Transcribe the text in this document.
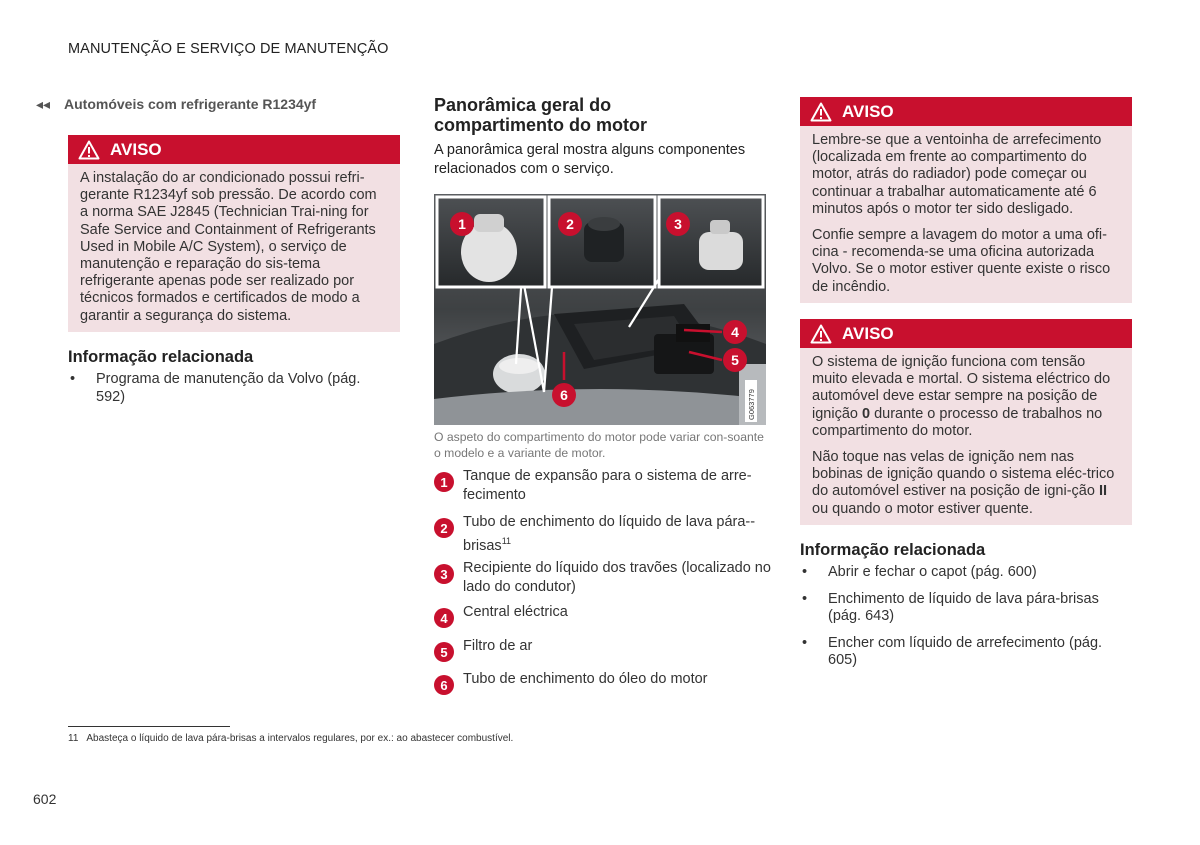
MANUTENÇÃO E SERVIÇO DE MANUTENÇÃO
◂◂ Automóveis com refrigerante R1234yf
AVISO

A instalação do ar condicionado possui refri-gerante R1234yf sob pressão. De acordo com a norma SAE J2845 (Technician Trai-ning for Safe Service and Containment of Refrigerants Used in Mobile A/C System), o serviço de manutenção e reparação do sis-tema refrigerante apenas pode ser realizado por técnicos formados e certificados de modo a garantir a segurança do sistema.

Informação relacionada
• Programa de manutenção da Volvo (pág. 592)
Panorâmica geral do compartimento do motor
A panorâmica geral mostra alguns componentes relacionados com o serviço.
1	2	3
4
5
6	G063779
O aspeto do compartimento do motor pode variar con-soante o modelo e a variante de motor.
1	Tanque de expansão para o sistema de arre-fecimento
2	Tubo de enchimento do líquido de lava pára--brisas$^{11}$
3	Recipiente do líquido dos travões (localizado no lado do condutor)
4	Central eléctrica
5	Filtro de ar
6	Tubo de enchimento do óleo do motor
AVISO

Lembre-se que a ventoinha de arrefecimento (localizada em frente ao compartimento do motor, atrás do radiador) pode começar ou continuar a trabalhar automaticamente até 6 minutos após o motor ter sido desligado.

Confie sempre a lavagem do motor a uma ofi-cina - recomenda-se uma oficina autorizada Volvo. Se o motor estiver quente existe o risco de incêndio.

AVISO

O sistema de ignição funciona com tensão muito elevada e mortal. O sistema eléctrico do automóvel deve estar sempre na posição de ignição 0 durante o processo de trabalhos no compartimento do motor.

Não toque nas velas de ignição nem nas bobinas de ignição quando o sistema eléc-trico do automóvel estiver na posição de igni-ção II ou quando o motor estiver quente.

Informação relacionada
• Abrir e fechar o capot (pág. 600)
• Enchimento de líquido de lava pára-brisas (pág. 643)
• Encher com líquido de arrefecimento (pág. 605)
11 Abasteça o líquido de lava pára-brisas a intervalos regulares, por ex.: ao abastecer combustível.
602
